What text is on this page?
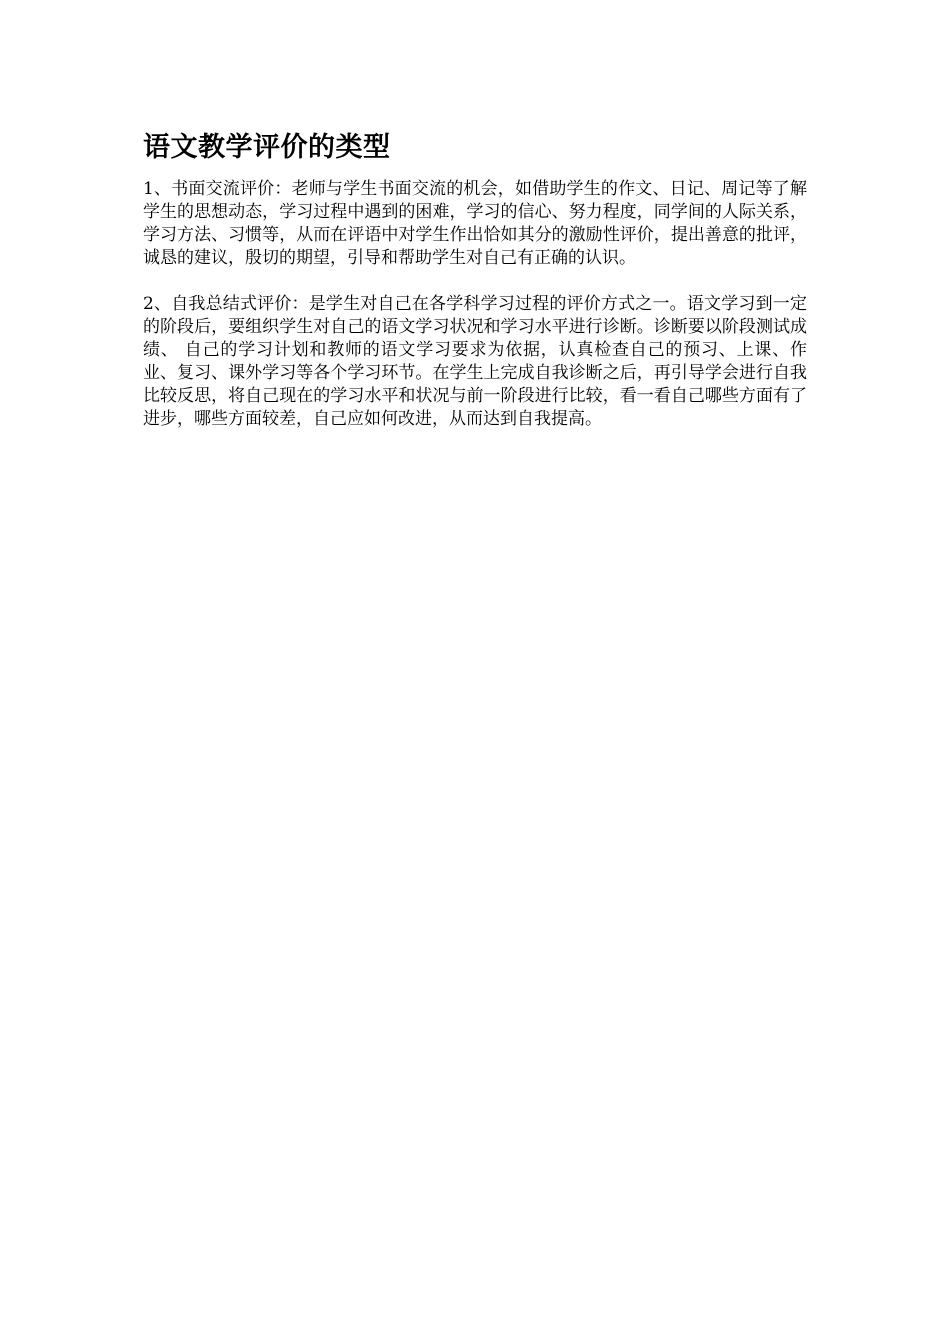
语文教学评价的类型

1、书面交流评价：老师与学生书面交流的机会，如借助学生的作文、日记、周记等了解学生的思想动态，学习过程中遇到的困难，学习的信心、努力程度，同学间的人际关系，学习方法、习惯等，从而在评语中对学生作出恰如其分的激励性评价，提出善意的批评，诚恳的建议，殷切的期望，引导和帮助学生对自己有正确的认识。

2、自我总结式评价：是学生对自己在各学科学习过程的评价方式之一。语文学习到一定的阶段后，要组织学生对自己的语文学习状况和学习水平进行诊断。诊断要以阶段测试成绩、 自己的学习计划和教师的语文学习要求为依据，认真检查自己的预习、上课、作业、复习、课外学习等各个学习环节。在学生上完成自我诊断之后，再引导学会进行自我比较反思，将自己现在的学习水平和状况与前一阶段进行比较，看一看自己哪些方面有了进步，哪些方面较差，自己应如何改进，从而达到自我提高。
